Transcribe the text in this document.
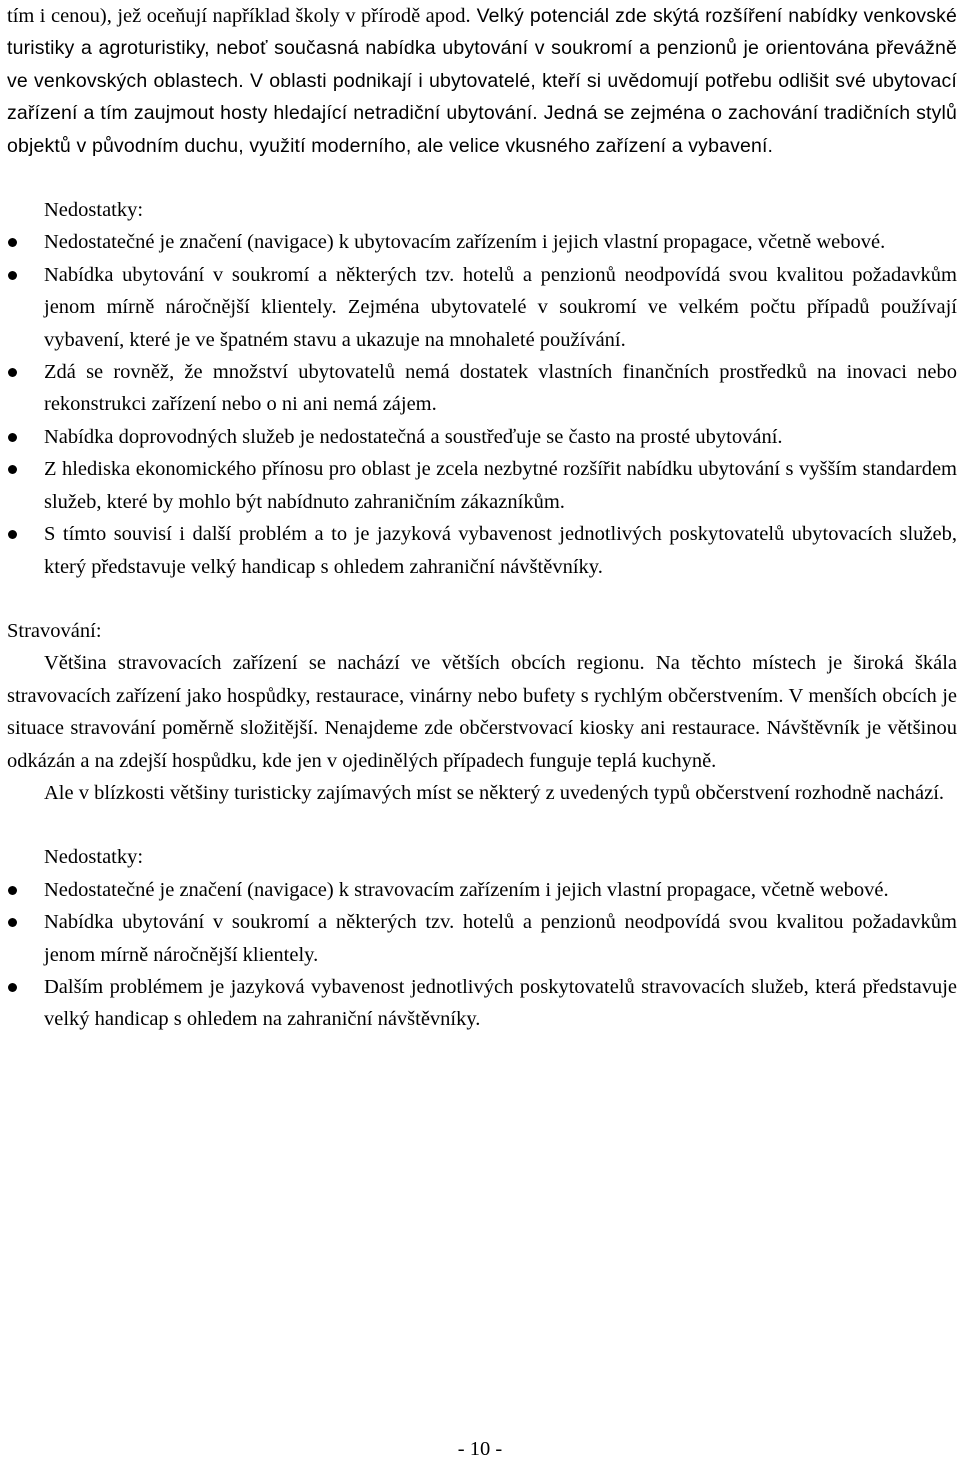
tím i cenou), jež oceňují například školy v přírodě apod. Velký potenciál zde skýtá rozšíření nabídky venkovské turistiky a agroturistiky, neboť současná nabídka ubytování v soukromí a penzionů je orientována převážně ve venkovských oblastech. V oblasti podnikají i ubytovatelé, kteří si uvědomují potřebu odlišit své ubytovací zařízení a tím zaujmout hosty hledající netradiční ubytování. Jedná se zejména o zachování tradičních stylů objektů v původním duchu, využití moderního, ale velice vkusného zařízení a vybavení.

Nedostatky:

Nedostatečné je značení (navigace) k ubytovacím zařízením i jejich vlastní propagace, včetně webové.
Nabídka ubytování v soukromí a některých tzv. hotelů a penzionů neodpovídá svou kvalitou požadavkům jenom mírně náročnější klientely. Zejména ubytovatelé v soukromí ve velkém počtu případů používají vybavení, které je ve špatném stavu a ukazuje na mnohaleté používání.
Zdá se rovněž, že množství ubytovatelů nemá dostatek vlastních finančních prostředků na inovaci nebo rekonstrukci zařízení nebo o ni ani nemá zájem.
Nabídka doprovodných služeb je nedostatečná a soustřeďuje se často na prosté ubytování.
Z hlediska ekonomického přínosu pro oblast je zcela nezbytné rozšířit nabídku ubytování s vyšším standardem služeb, které by mohlo být nabídnuto zahraničním zákazníkům.
S tímto souvisí i další problém a to je jazyková vybavenost jednotlivých poskytovatelů ubytovacích služeb, který představuje velký handicap s ohledem zahraniční návštěvníky.

Stravování:

Většina stravovacích zařízení se nachází ve větších obcích regionu. Na těchto místech je široká škála stravovacích zařízení jako hospůdky, restaurace, vinárny nebo bufety s rychlým občerstvením. V menších obcích je situace stravování poměrně složitější. Nenajdeme zde občerstvovací kiosky ani restaurace. Návštěvník je většinou odkázán a na zdejší hospůdku, kde jen v ojedinělých případech funguje teplá kuchyně.

Ale v blízkosti většiny turisticky zajímavých míst se některý z uvedených typů občerstvení rozhodně nachází.

Nedostatky:

Nedostatečné je značení (navigace) k stravovacím zařízením i jejich vlastní propagace, včetně webové.
Nabídka ubytování v soukromí a některých tzv. hotelů a penzionů neodpovídá svou kvalitou požadavkům jenom mírně náročnější klientely.
Dalším problémem je jazyková vybavenost jednotlivých poskytovatelů stravovacích služeb, která představuje velký handicap s ohledem na zahraniční návštěvníky.
- 10 -
